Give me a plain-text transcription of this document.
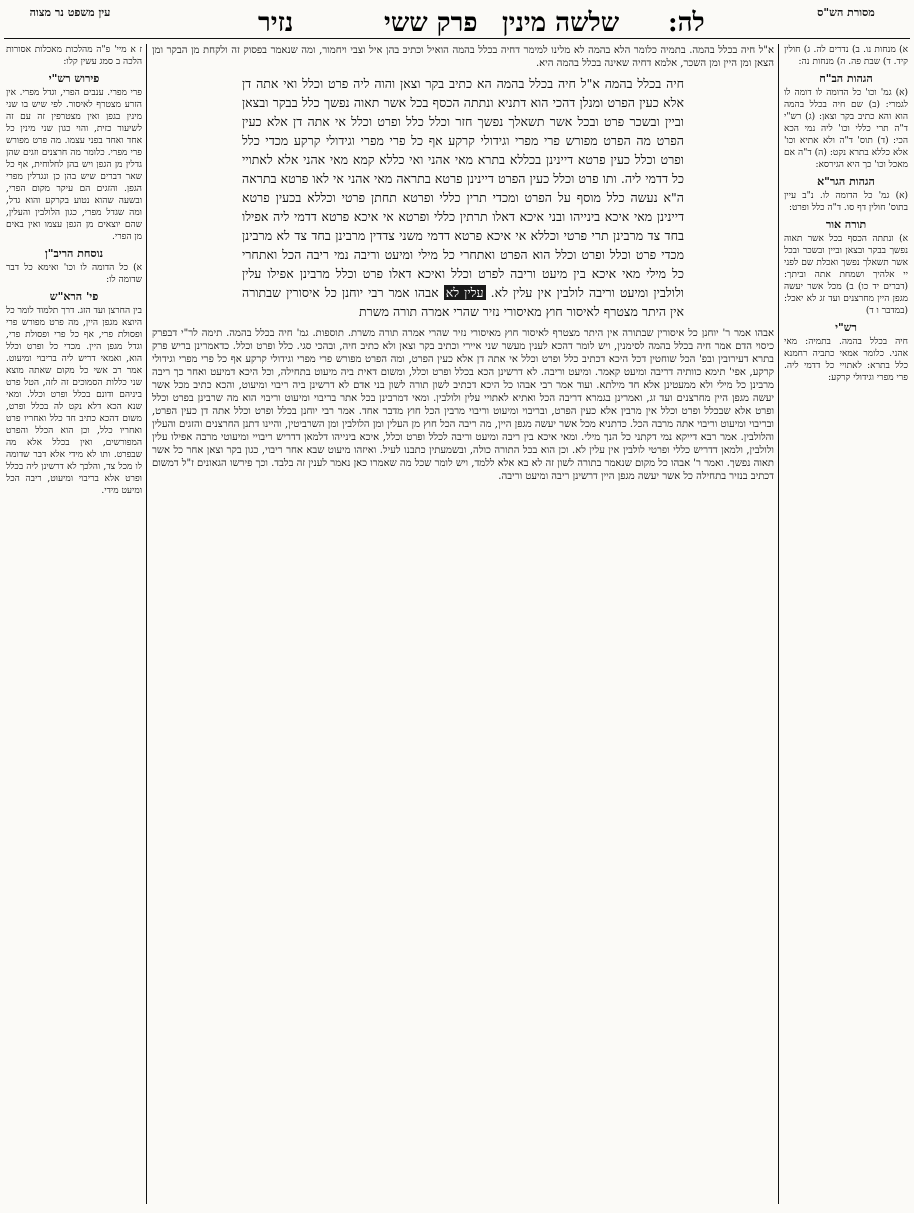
עין משפט נר מצוה	נזיר	פרק ששי שלשה מינין לה:	מסורת הש"ס
ז א מיי' פ"ה מהלכות מאכלות אסורות הלכה ב סמג עשין קלו:
פירוש רש"י
פרי מפרי. ענבים הפרי, וגדל מפרי. אין הזרע מצטרף לאיסור. לפי שיש בו שני מינין בגפן ואין מצטרפין זה עם זה לשיעור כזית, והוי כגון שני מינין כל אחד ואחד בפני עצמו. מה פרט מפורש פרי מפרי. כלומר מה חרצנים וזגים שהן גדלין מן הגפן ויש בהן לחלוחית, אף כל שאר דברים שיש בהן כן ונגדלין מפרי הגפן. והזגים הם עיקר מקום הפרי, ובשעה שהוא נטוע בקרקע והוא גדל, ומה שגדל מפרי, כגון הלולבין והעלין, שהם יוצאים מן הגפן עצמו ואין באים מן הפרי.
נוסחת הריב"ן
א) כל הדומה לו וכו' ואימא כל דבר שדומה לו:
פי' הרא"ש
בין החרצן ועד הזג. דרך תלמוד לומר כל היוצא מגפן היין, מה פרט מפורש פרי ופסולת פרי, אף כל פרי ופסולת פרי, וגדל מגפן היין. מכדי כל ופרט וכלל הוא, ואמאי דריש ליה בריבוי ומיעוט. אמר רב אשי כל מקום שאתה מוצא שני כללות הסמוכים זה לזה, הטל פרט ביניהם ודונם בכלל ופרט וכלל. ומאי שנא הכא דלא נקט לה בכלל ופרט, משום דהכא כתיב חד כלל ואחריו פרט ואחריו כלל, וכן הוא הכלל והפרט המפורשים, ואין בכלל אלא מה שבפרט. ותו לא מידי אלא דבר שדומה לו מכל צד, והלכך לא דרשינן ליה בכלל ופרט אלא בריבוי ומיעוט, ריבה הכל ומיעט מידי.
א"ל חיה בכלל בהמה. בתמיה כלומר הלא בהמה לא מלינו למימר דחיה בכלל בהמה הואיל וכתיב בהן איל וצבי ויחמור, ומה שנאמר בפסוק זה ולקחת מן הבקר ומן הצאן ומן היין ומן השכר, אלמא דחיה שאינה בכלל בהמה היא.
חיה בכלל בהמה א"ל חיה בכלל בהמה הא כתיב בקר וצאן והוה ליה פרט וכלל ואי אתה דן אלא כעין הפרט ומנלן דהכי הוא דתניא ונתתה הכסף בכל אשר תאוה נפשך כלל בבקר ובצאן וביין ובשכר פרט ובכל אשר תשאלך נפשך חזר וכלל כלל ופרט וכלל אי אתה דן אלא כעין הפרט מה הפרט מפורש פרי מפרי וגידולי קרקע אף כל פרי מפרי וגידולי קרקע מכדי כלל ופרט וכלל כעין פרטא דיינינן בכללא בתרא מאי אהני ואי כללא קמא מאי אהני אלא לאתויי כל דדמי ליה. ותו פרט וכלל כעין הפרט דיינינן פרטא בתראה מאי אהני אי לאו פרטא בתראה ה"א נעשה כלל מוסף על הפרט ומכדי תרין כללי ופרטא תחתן פרטי וכללא בכעין פרטא דיינינן מאי איכא בינייהו ובני איכא דאלו תרתין כללי ופרטא אי איכא פרטא דדמי ליה אפילו בחד צד מרבינן תרי פרטי וכללא אי איכא פרטא דדמי משני צדדין מרבינן בחד צד לא מרבינן מכדי פרט וכלל ופרט וכלל הוא הפרט ואתחרי כל מילי ומיעט וריבה נמי ריבה הכל ואתחרי כל מילי מאי איכא בין מיעט וריבה לפרט וכלל ואיכא דאלו פרט וכלל מרבינן אפילו עלין ולולבין ומיעט וריבה לולבין אין עלין לא. עלין לא אבהו אמר רבי יוחנן כל איסורין שבתורה אין היתר מצטרף לאיסור חוץ מאיסורי נזיר שהרי אמרה תורה משרת
אבהו אמר ר' יוחנן כל איסורין שבתורה אין היתר מצטרף לאיסור חוץ מאיסורי נזיר שהרי אמרה תורה משרת. תוספות. גמ' חיה בכלל בהמה. תימה לר"י דבפרק כיסוי הדם אמר חיה בכלל בהמה לסימנין, ויש לומר דהכא לענין מעשר שני איירי וכתיב בקר וצאן ולא כתיב חיה, ובהכי סגי. כלל ופרט וכלל. כדאמרינן בריש פרק בתרא דעירובין ובפ' הכל שוחטין דכל היכא דכתיב כלל ופרט וכלל אי אתה דן אלא כעין הפרט, ומה הפרט מפורש פרי מפרי וגידולי קרקע אף כל פרי מפרי וגידולי קרקע, אפי' תימא כוותיה דריבה ומיעט קאמר. ומיעט וריבה. לא דרשינן הכא בכלל ופרט וכלל, ומשום דאית ביה מיעוט בתחילה, וכל היכא דמיעט ואחר כך ריבה מרבינן כל מילי ולא ממעטינן אלא חד מילתא. ועוד אמר רבי אבהו כל היכא דכתיב לשון תורה לשון בני אדם לא דרשינן ביה ריבוי ומיעוט, והכא כתיב מכל אשר יעשה מגפן היין מחרצנים ועד זג, ואמרינן בגמרא דריבה הכל ואתיא לאתויי עלין ולולבין. ומאי דמרבינן בכל אתר בריבוי ומיעוט וריבוי הוא מה שרבינן בפרט וכלל ופרט אלא שבכלל ופרט וכלל אין מרבין אלא כעין הפרט, ובריבוי ומיעוט וריבוי מרבין הכל חוץ מדבר אחד. אמר רבי יוחנן בכלל ופרט וכלל אתה דן כעין הפרט, ובריבוי ומיעוט וריבוי אתה מרבה הכל. כדתניא מכל אשר יעשה מגפן היין, מה ריבה הכל חוץ מן העלין ומן הלולבין ומן השרביטין, והיינו דתנן החרצנים והזגים והעלין והלולבין. אמר רבא דייקא נמי דקתני כל הנך מילי. ומאי איכא בין ריבה ומיעט וריבה לכלל ופרט וכלל, איכא בינייהו דלמאן דדריש ריבויי ומיעוטי מרבה אפילו עלין ולולבין, ולמאן דדריש כללי ופרטי לולבין אין עלין לא. וכן הוא בכל התורה כולה, ובשמעתין כתבנו לעיל. ואיזהו מיעוט שבא אחר ריבוי, כגון בקר וצאן אחר כל אשר תאוה נפשך. ואמר ר' אבהו כל מקום שנאמר בתורה לשון זה לא בא אלא ללמד, ויש לומר שכל מה שאמרו כאן נאמר לענין זה בלבד. וכך פירשו הגאונים ז"ל דמשום דכתיב בנזיר בתחילה כל אשר יעשה מגפן היין דרשינן ריבה ומיעט וריבה.
א) מנחות נו. ב) נדרים לה. ג) חולין קיד. ד) שבת פה. ה) מנחות נה:
הגהות הב"ח
(א) גמ' וכו' כל הדומה לו דומה לו לגמרי: (ב) שם חיה בכלל בהמה הוא והא כתיב בקר וצאן: (ג) רש"י ד"ה תרי כללי וכו' ליה נמי הכא הכי: (ד) תוס' ד"ה ולא אתיא וכו' אלא כללא בתרא נקט: (ה) ד"ה אם מאכל וכו' כך היא הגירסא:
הגהות הגר"א
(א) גמ' כל הדומה לו. נ"ב עיין בתוס' חולין דף סו. ד"ה כלל ופרט:
תורה אור
א) ונתתה הכסף בכל אשר תאוה נפשך בבקר ובצאן וביין ובשכר ובכל אשר תשאלך נפשך ואכלת שם לפני יי אלהיך ושמחת אתה וביתך: (דברים יד כו) ב) מכל אשר יעשה מגפן היין מחרצנים ועד זג לא יאכל: (במדבר ו ד)
רש"י
חיה בכלל בהמה. בתמיה: מאי אהני. כלומר אמאי כתביה רחמנא כלל בתרא: לאתויי כל דדמי ליה. פרי מפרי וגידולי קרקע:
